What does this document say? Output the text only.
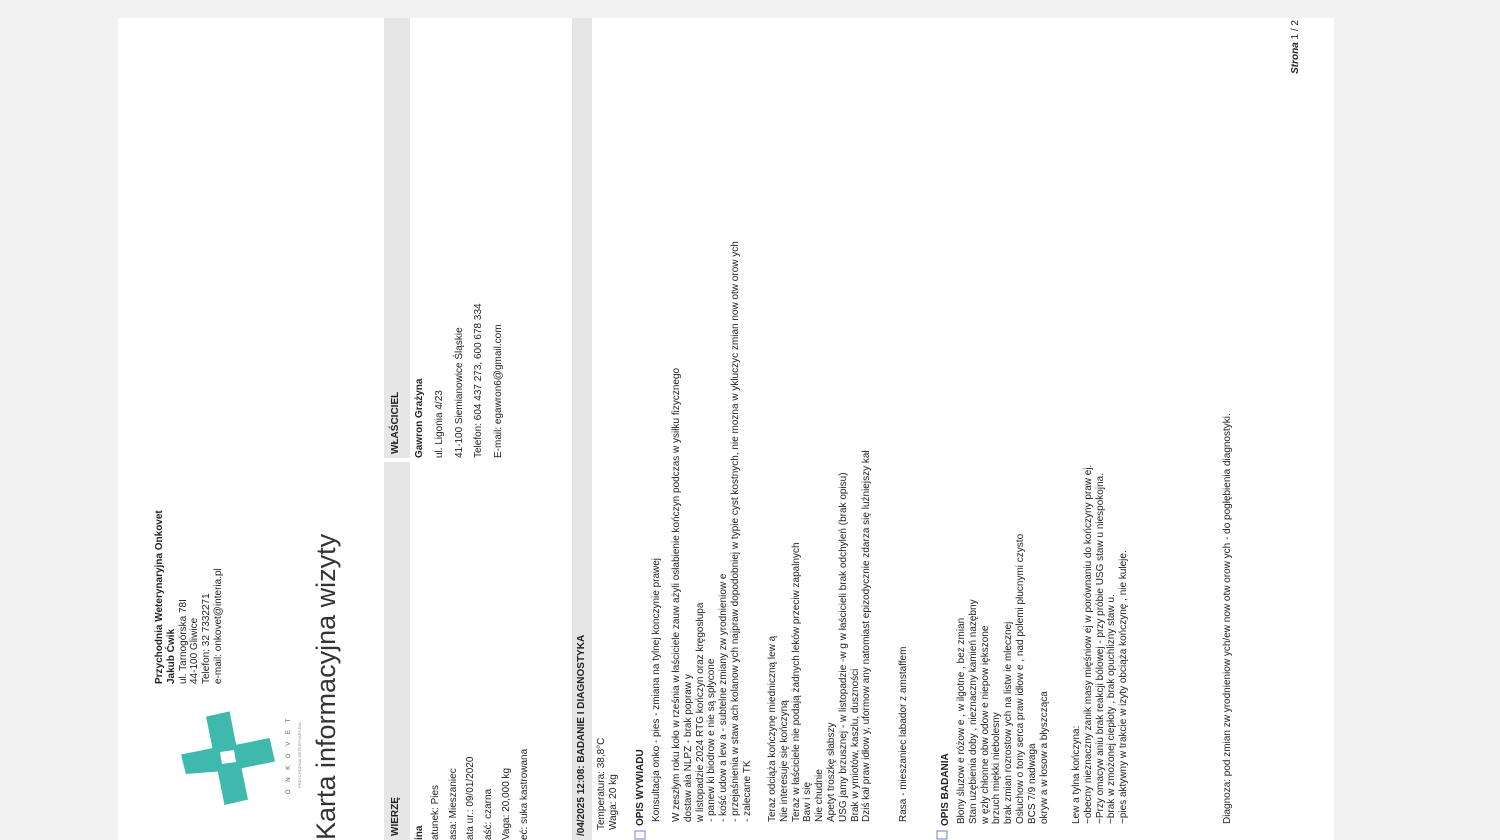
O N K O V E T	PRZYCHODNIA WETERYNARYJNA
Przychodnia Weterynaryjna Onkovet Jakub Ćwik ul. Tarnogórska 78I 44-100 Gliwice Telefon: 32 7332271 e-mail: onkovet@interia.pl	Karta informacyjna wizyty	WIERZĘ	ina atunek: Pies asa: Mieszaniec ata ur.: 09/01/2020 aść: czarna Vaga: 20,000 kg eć: suka kastrowana
WŁAŚCICIEL	Gawron Grażyna ul. Ligonia 4/23 41-100 Siemianowice Śląskie Telefon: 604 437 273, 600 678 334 E-mail: egawron6@gmail.com
/04/2025 12:08: BADANIE I DIAGNOSTYKA Temperatura: 38,8°C Waga: 20 kg OPIS WYWIADU Konsultacja onko - pies - zmiana na tylnej konczynie prawej W zeszłym roku koło w rześnia w łaściciele zauw ażyli osłabienie kończyn podczas w ysiłku fizycznego dostaw ała NLPZ - brak popraw y w listopadzie 2024 RTG kończyn oraz kręgosłupa - panew ki biodrow e nie są spłycone - kość udow a lew a - subtelne zmiany zw yrodnieniow e - przejaśnienia w staw ach kolanow ych najpraw dopodobniej w typie cyst kostnych, nie mozna w ykluczyc zmian now otw orow ych - zalecane TK Teraz odciąża kończynę miedniczną lew ą Nie interesuje się kończyną Teraz w łaściciele nie podają żadnych leków przeciw zapalnych Baw i się Nie chudnie Apetyt troszkę słabszy USG jamy brzusznej - w listopadzie -w g w łaścicieli brak odchyleń (brak opisu) Brak w ymiotów, kaszlu, duszności Dziś kał praw idłow y, uformow any natomiast epizodycznie zdarza się luźniejszy kał	Rasa - mieszaniec labador z amstaffem	OPIS BADANIA Błony śluzow e różow e , w ilgotne , bez zmian Stan uzębienia doby , nieznaczny kamień nazębny w ęzły chłonne obw odow e niepow iększone brzuch miękki niebolesny brak zmian rozrostow ych na listw ie mlecznej Osłuchow o tony serca praw idłow e , nad polemi płucnymi czysto BCS 7/9 nadwaga okryw a w łosow a błyszcząca Lew a tylna kończyna: ~obecny nieznaczny zanik masy mięśniow ej w porównaniu do kończyny praw ej. ~Przy omacyw aniu brak reakcji bólowej - przy próbie USG staw u niespokojna. ~brak w zmożonej ciepłoty , brak opuchlizny staw u. ~pies aktywny w trakcie w izyty obciąża kończynę , nie kuleje.	Diagnoza: pod zmian zw yrodnieniow ych/ew now otw orow ych - do pogłębienia diagnostyki.
Strona 1 / 2
